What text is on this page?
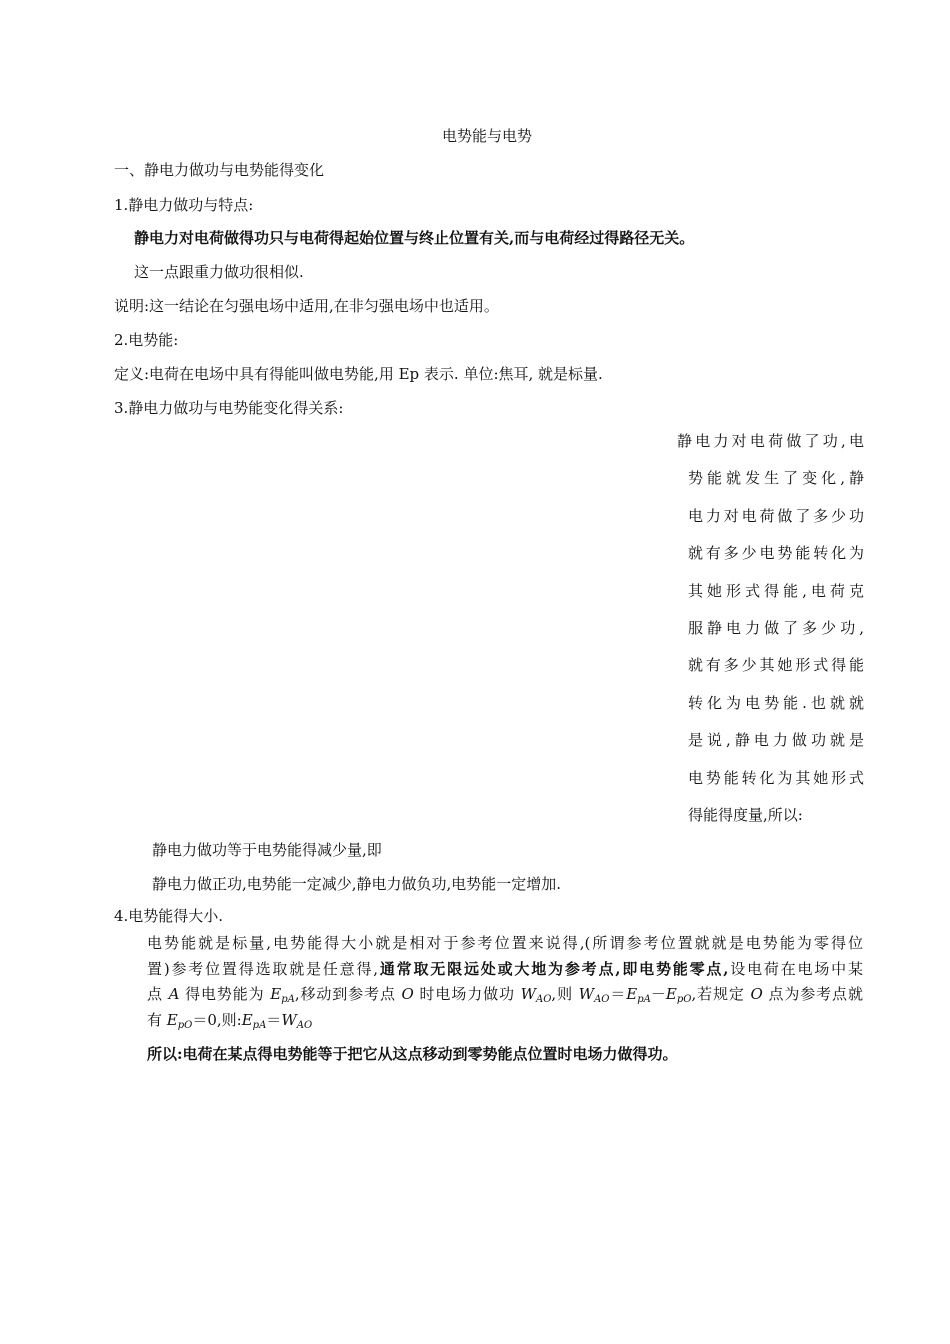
电势能与电势
一、静电力做功与电势能得变化
1.静电力做功与特点:
静电力对电荷做得功只与电荷得起始位置与终止位置有关,而与电荷经过得路径无关。
这一点跟重力做功很相似.
说明:这一结论在匀强电场中适用,在非匀强电场中也适用。
2.电势能:
定义:电荷在电场中具有得能叫做电势能,用 Ep 表示. 单位:焦耳, 就是标量.
3.静电力做功与电势能变化得关系:
静电力对电荷做了功,电
势能就发生了变化,静
电力对电荷做了多少功
就有多少电势能转化为
其她形式得能,电荷克
服静电力做了多少功,
就有多少其她形式得能
转化为电势能.也就就
是说,静电力做功就是
电势能转化为其她形式
得能得度量,所以:
静电力做功等于电势能得减少量,即
静电力做正功,电势能一定减少,静电力做负功,电势能一定增加.
4.电势能得大小.
电势能就是标量,电势能得大小就是相对于参考位置来说得,(所谓参考位置就就是电势能为零得位
置)参考位置得选取就是任意得,通常取无限远处或大地为参考点,即电势能零点,设电荷在电场中某
点 A 得电势能为 $E_{pA}$,移动到参考点 O 时电场力做功 $W_{AO}$,则 $W_{AO}=E_{pA}-E_{pO}$,若规定 O 点为参考点就
有 $E_{pO}=0$,则$:E_{pA}=W_{AO}$
所以:电荷在某点得电势能等于把它从这点移动到零势能点位置时电场力做得功。
